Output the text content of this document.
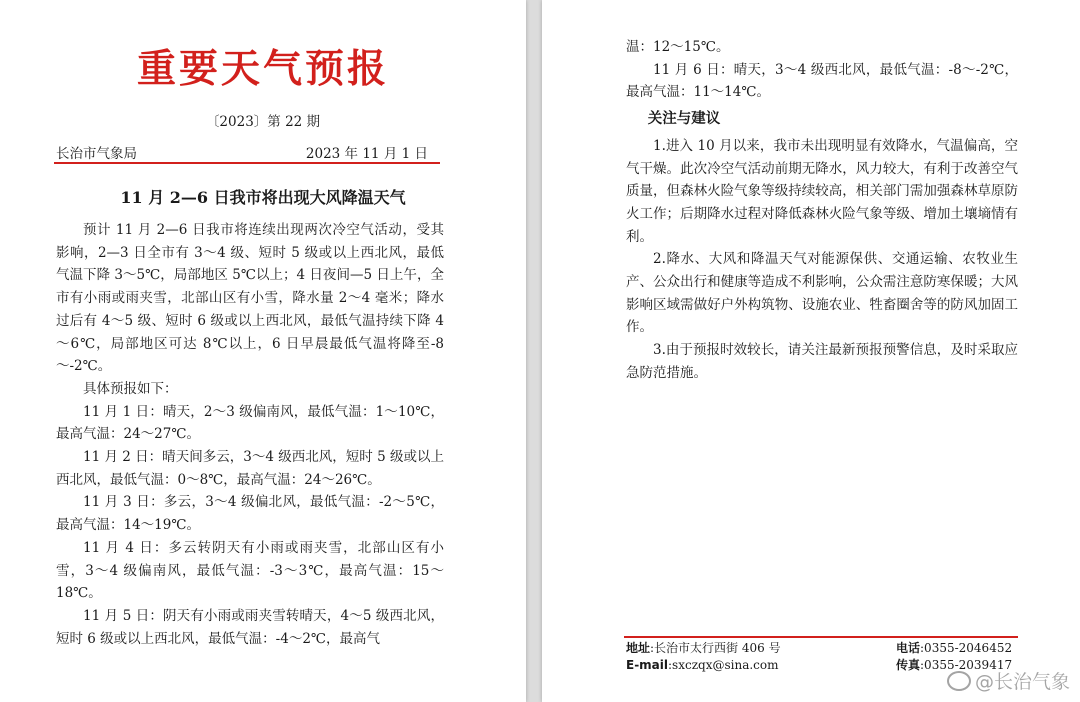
重要天气预报
〔2023〕第 22 期
长治市气象局	2023 年 11 月 1 日
11 月 2—6 日我市将出现大风降温天气

预计 11 月 2—6 日我市将连续出现两次冷空气活动，受其影响，2—3 日全市有 3～4 级、短时 5 级或以上西北风，最低气温下降 3～5℃，局部地区 5℃以上；4 日夜间—5 日上午，全市有小雨或雨夹雪，北部山区有小雪，降水量 2～4 毫米；降水过后有 4～5 级、短时 6 级或以上西北风，最低气温持续下降 4～6℃，局部地区可达 8℃以上，6 日早晨最低气温将降至-8～-2℃。

具体预报如下：

11 月 1 日：晴天，2～3 级偏南风，最低气温：1～10℃，最高气温：24～27℃。

11 月 2 日：晴天间多云，3～4 级西北风，短时 5 级或以上西北风，最低气温：0～8℃，最高气温：24～26℃。

11 月 3 日：多云，3～4 级偏北风，最低气温：-2～5℃，最高气温：14～19℃。

11 月 4 日：多云转阴天有小雨或雨夹雪，北部山区有小雪，3～4 级偏南风，最低气温：-3～3℃，最高气温：15～18℃。

11 月 5 日：阴天有小雨或雨夹雪转晴天，4～5 级西北风，短时 6 级或以上西北风，最低气温：-4～2℃，最高气

温：12～15℃。

11 月 6 日：晴天，3～4 级西北风，最低气温：-8～-2℃，最高气温：11～14℃。

关注与建议

1.进入 10 月以来，我市未出现明显有效降水，气温偏高，空气干燥。此次冷空气活动前期无降水，风力较大，有利于改善空气质量，但森林火险气象等级持续较高，相关部门需加强森林草原防火工作；后期降水过程对降低森林火险气象等级、增加土壤墒情有利。

2.降水、大风和降温天气对能源保供、交通运输、农牧业生产、公众出行和健康等造成不利影响，公众需注意防寒保暖；大风影响区域需做好户外构筑物、设施农业、牲畜圈舍等的防风加固工作。

3.由于预报时效较长，请关注最新预报预警信息，及时采取应急防范措施。

地址:长治市太行西街 406 号	电话:0355-2046452
E-mail:sxczqx@sina.com	传真:0355-2039417
@长治气象
